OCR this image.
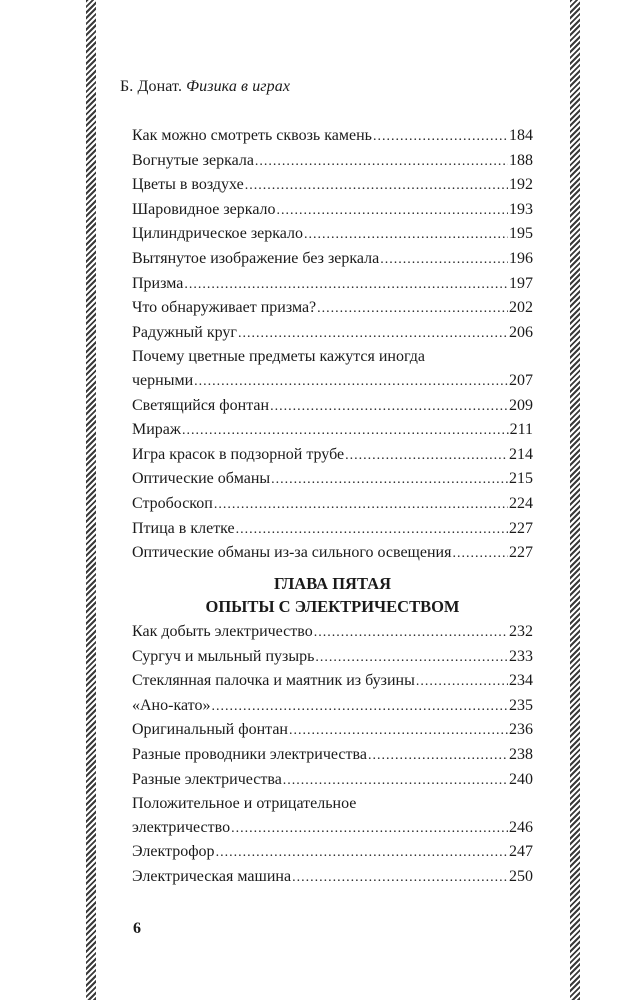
Б. Донат. Физика в играх
Как можно смотреть сквозь камень .....	184
Вогнутые зеркала .....	188
Цветы в воздухе .....	192
Шаровидное зеркало .....	193
Цилиндрическое зеркало .....	195
Вытянутое изображение без зеркала .....	196
Призма .....	197
Что обнаруживает призма? .....	202
Радужный круг .....	206
Почему цветные предметы кажутся иногда
черными .....	207
Светящийся фонтан .....	209
Мираж .....	211
Игра красок в подзорной трубе .....	214
Оптические обманы .....	215
Стробоскоп .....	224
Птица в клетке .....	227
Оптические обманы из-за сильного освещения .....	227
ГЛАВА ПЯТАЯ
ОПЫТЫ С ЭЛЕКТРИЧЕСТВОМ
Как добыть электричество .....	232
Сургуч и мыльный пузырь .....	233
Стеклянная палочка и маятник из бузины .....	234
«Ано-като» .....	235
Оригинальный фонтан .....	236
Разные проводники электричества .....	238
Разные электричества .....	240
Положительное и отрицательное
электричество .....	246
Электрофор .....	247
Электрическая машина .....	250
6
